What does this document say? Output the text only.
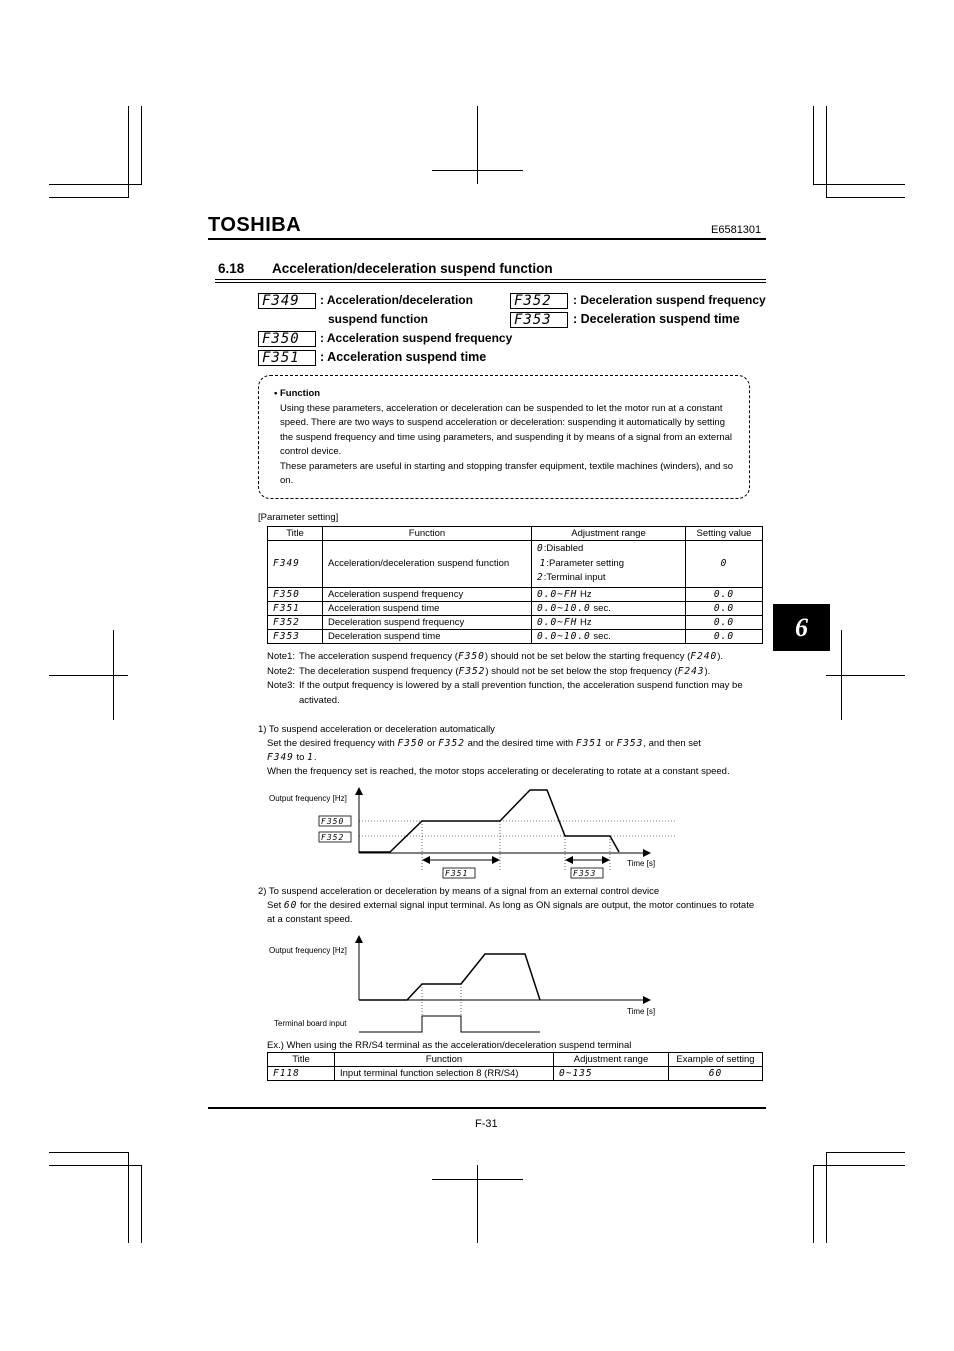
TOSHIBA	E6581301
6.18 Acceleration/deceleration suspend function
F349	: Acceleration/deceleration
suspend function
F350	: Acceleration suspend frequency
F351	: Acceleration suspend time
F352	: Deceleration suspend frequency
F353	: Deceleration suspend time
• Function
Using these parameters, acceleration or deceleration can be suspended to let the motor run at a constant speed. There are two ways to suspend acceleration or deceleration: suspending it automatically by setting the suspend frequency and time using parameters, and suspending it by means of a signal from an external control device.
These parameters are useful in starting and stopping transfer equipment, textile machines (winders), and so on.
[Parameter setting]
Title	Function	Adjustment range	Setting value
F349	Acceleration/deceleration suspend function	0:Disabled
1:Parameter setting
2:Terminal input	0
F350	Acceleration suspend frequency	0.0~FH Hz	0.0
F351	Acceleration suspend time	0.0~10.0 sec.	0.0
F352	Deceleration suspend frequency	0.0~FH Hz	0.0
F353	Deceleration suspend time	0.0~10.0 sec.	0.0
Note1: The acceleration suspend frequency (F350) should not be set below the starting frequency (F240).
Note2: The deceleration suspend frequency (F352) should not be set below the stop frequency (F243).
Note3: If the output frequency is lowered by a stall prevention function, the acceleration suspend function may be activated.
1) To suspend acceleration or deceleration automatically
Set the desired frequency with F350 or F352 and the desired time with F351 or F353, and then set
F349 to 1.
When the frequency set is reached, the motor stops accelerating or decelerating to rotate at a constant speed.
Output frequency [Hz]
Time [s]
F350
F352
F351	F353
2) To suspend acceleration or deceleration by means of a signal from an external control device
Set 60 for the desired external signal input terminal. As long as ON signals are output, the motor continues to rotate at a constant speed.
Output frequency [Hz]
Time [s]
Terminal board input
Ex.) When using the RR/S4 terminal as the acceleration/deceleration suspend terminal
Title	Function	Adjustment range	Example of setting
F118	Input terminal function selection 8 (RR/S4)	0~135	60
F-31
6
